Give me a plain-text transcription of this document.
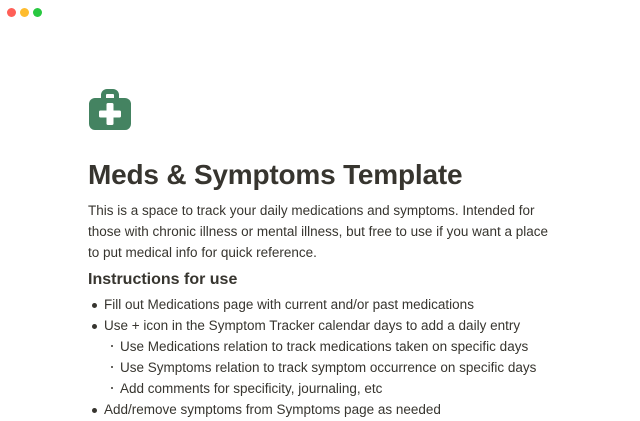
Meds & Symptoms Template

This is a space to track your daily medications and symptoms. Intended for those with chronic illness or mental illness, but free to use if you want a place to put medical info for quick reference.

Instructions for use
Fill out Medications page with current and/or past medications
Use + icon in the Symptom Tracker calendar days to add a daily entry
Use Medications relation to track medications taken on specific days
Use Symptoms relation to track symptom occurrence on specific days
Add comments for specificity, journaling, etc
Add/remove symptoms from Symptoms page as needed
